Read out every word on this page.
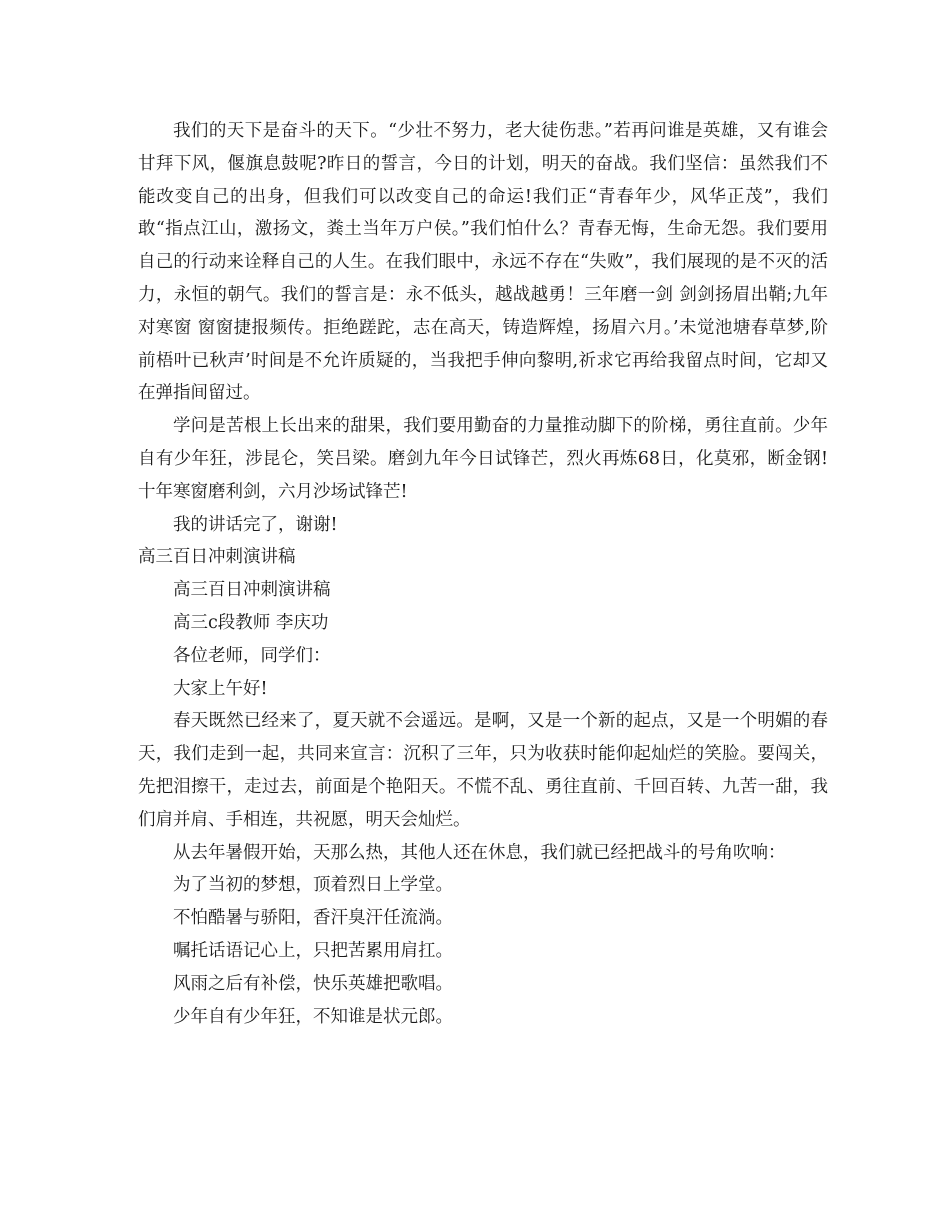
我们的天下是奋斗的天下。“少壮不努力，老大徒伤悲。”若再问谁是英雄，又有谁会甘拜下风，偃旗息鼓呢?昨日的誓言，今日的计划，明天的奋战。我们坚信：虽然我们不能改变自己的出身，但我们可以改变自己的命运!我们正“青春年少，风华正茂”，我们敢“指点江山，激扬文，粪土当年万户侯。”我们怕什么？青春无悔，生命无怨。我们要用自己的行动来诠释自己的人生。在我们眼中，永远不存在“失败”，我们展现的是不灭的活力，永恒的朝气。我们的誓言是：永不低头，越战越勇！三年磨一剑 剑剑扬眉出鞘;九年对寒窗 窗窗捷报频传。拒绝蹉跎，志在高天，铸造辉煌，扬眉六月。’未觉池塘春草梦,阶前梧叶已秋声’时间是不允许质疑的，当我把手伸向黎明,祈求它再给我留点时间，它却又在弹指间留过。

学问是苦根上长出来的甜果，我们要用勤奋的力量推动脚下的阶梯，勇往直前。少年自有少年狂，涉昆仑，笑吕梁。磨剑九年今日试锋芒，烈火再炼68日，化莫邪，断金钢!十年寒窗磨利剑，六月沙场试锋芒!

我的讲话完了，谢谢!

高三百日冲刺演讲稿

高三百日冲刺演讲稿

高三c段教师 李庆功

各位老师，同学们：

大家上午好!

春天既然已经来了，夏天就不会遥远。是啊，又是一个新的起点，又是一个明媚的春天，我们走到一起，共同来宣言：沉积了三年，只为收获时能仰起灿烂的笑脸。要闯关，先把泪擦干，走过去，前面是个艳阳天。不慌不乱、勇往直前、千回百转、九苦一甜，我们肩并肩、手相连，共祝愿，明天会灿烂。

从去年暑假开始，天那么热，其他人还在休息，我们就已经把战斗的号角吹响：

为了当初的梦想，顶着烈日上学堂。

不怕酷暑与骄阳，香汗臭汗任流淌。

嘱托话语记心上，只把苦累用肩扛。

风雨之后有补偿，快乐英雄把歌唱。

少年自有少年狂，不知谁是状元郎。
